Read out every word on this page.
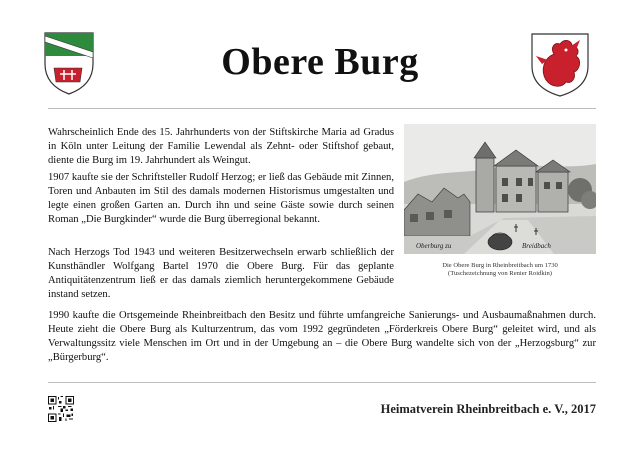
Obere Burg

Wahrscheinlich Ende des 15. Jahrhunderts von der Stiftskirche Maria ad Gradus in Köln unter Leitung der Familie Lewendal als Zehnt- oder Stiftshof gebaut, diente die Burg im 19. Jahrhundert als Weingut.

1907 kaufte sie der Schriftsteller Rudolf Herzog; er ließ das Gebäude mit Zinnen, Toren und Anbauten im Stil des damals modernen Historismus umgestalten und legte einen großen Garten an. Durch ihn und seine Gäste sowie durch seinen Roman „Die Burgkinder“ wurde die Burg überregional bekannt.

Nach Herzogs Tod 1943 und weiteren Besitzerwechseln erwarb schließlich der Kunsthändler Wolfgang Bartel 1970 die Obere Burg. Für das geplante Antiquitätenzentrum ließ er das damals ziemlich heruntergekommene Gebäude instand setzen.

1990 kaufte die Ortsgemeinde Rheinbreitbach den Besitz und führte umfangreiche Sanierungs- und Ausbaumaßnahmen durch. Heute zieht die Obere Burg als Kulturzentrum, das vom 1992 gegründeten „Förderkreis Obere Burg“ geleitet wird, und als Verwaltungssitz viele Menschen im Ort und in der Umgebung an – die Obere Burg wandelte sich von der „Herzogsburg“ zur „Bürgerburg“.

Oberburg zu	Breidbach
Die Obere Burg in Rheinbreitbach um 1730
(Tuschezeichnung von Renier Roidkin)
Heimatverein Rheinbreitbach e. V., 2017
